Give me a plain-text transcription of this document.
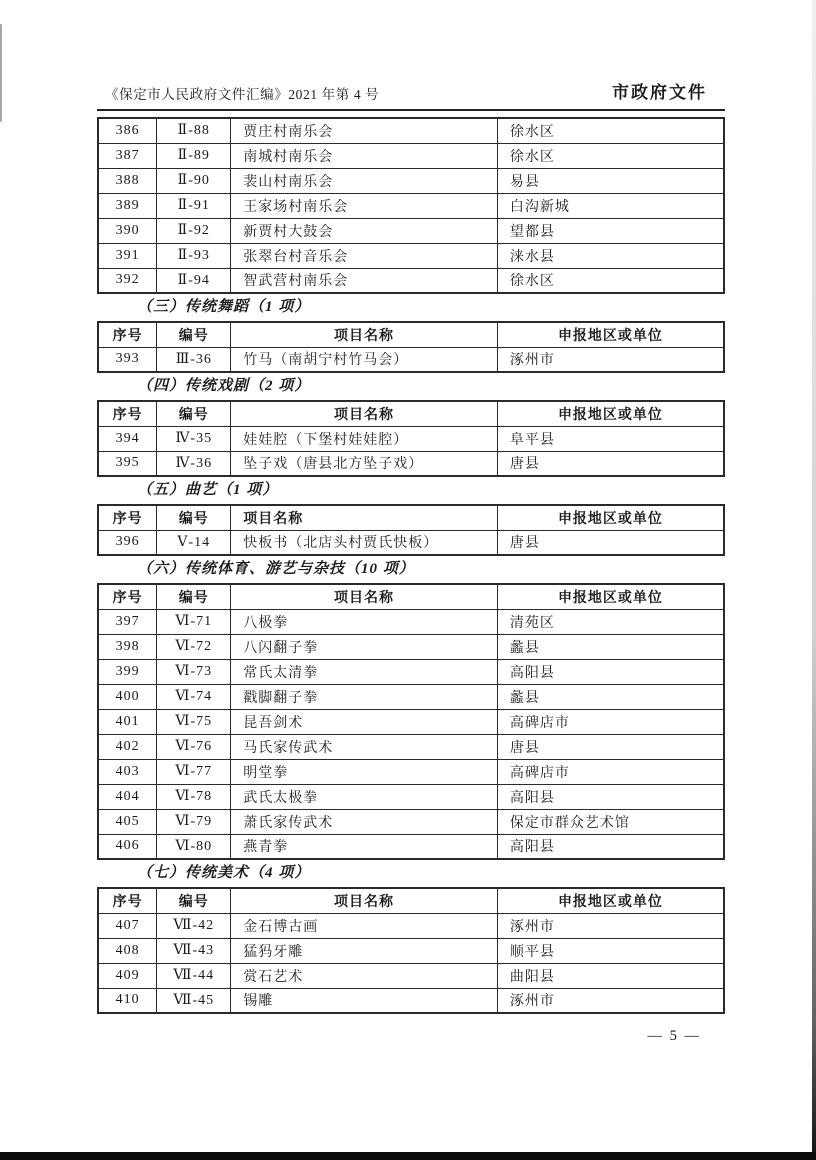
《保定市人民政府文件汇编》2021 年第 4 号	市政府文件
386	Ⅱ-88	贾庄村南乐会	徐水区
387	Ⅱ-89	南城村南乐会	徐水区
388	Ⅱ-90	裴山村南乐会	易县
389	Ⅱ-91	王家场村南乐会	白沟新城
390	Ⅱ-92	新贾村大鼓会	望都县
391	Ⅱ-93	张翠台村音乐会	涞水县
392	Ⅱ-94	智武营村南乐会	徐水区
（三）传统舞蹈（1 项）
序号	编号	项目名称	申报地区或单位
393	Ⅲ-36	竹马（南胡宁村竹马会）	涿州市
（四）传统戏剧（2 项）
序号	编号	项目名称	申报地区或单位
394	Ⅳ-35	娃娃腔（下堡村娃娃腔）	阜平县
395	Ⅳ-36	坠子戏（唐县北方坠子戏）	唐县
（五）曲艺（1 项）
序号	编号	项目名称	申报地区或单位
396	Ⅴ-14	快板书（北店头村贾氏快板）	唐县
（六）传统体育、游艺与杂技（10 项）
序号	编号	项目名称	申报地区或单位
397	Ⅵ-71	八极拳	清苑区
398	Ⅵ-72	八闪翻子拳	蠡县
399	Ⅵ-73	常氏太清拳	高阳县
400	Ⅵ-74	戳脚翻子拳	蠡县
401	Ⅵ-75	昆吾剑术	高碑店市
402	Ⅵ-76	马氏家传武术	唐县
403	Ⅵ-77	明堂拳	高碑店市
404	Ⅵ-78	武氏太极拳	高阳县
405	Ⅵ-79	萧氏家传武术	保定市群众艺术馆
406	Ⅵ-80	燕青拳	高阳县
（七）传统美术（4 项）
序号	编号	项目名称	申报地区或单位
407	Ⅶ-42	金石博古画	涿州市
408	Ⅶ-43	猛犸牙雕	顺平县
409	Ⅶ-44	赏石艺术	曲阳县
410	Ⅶ-45	锡雕	涿州市
— 5 —
